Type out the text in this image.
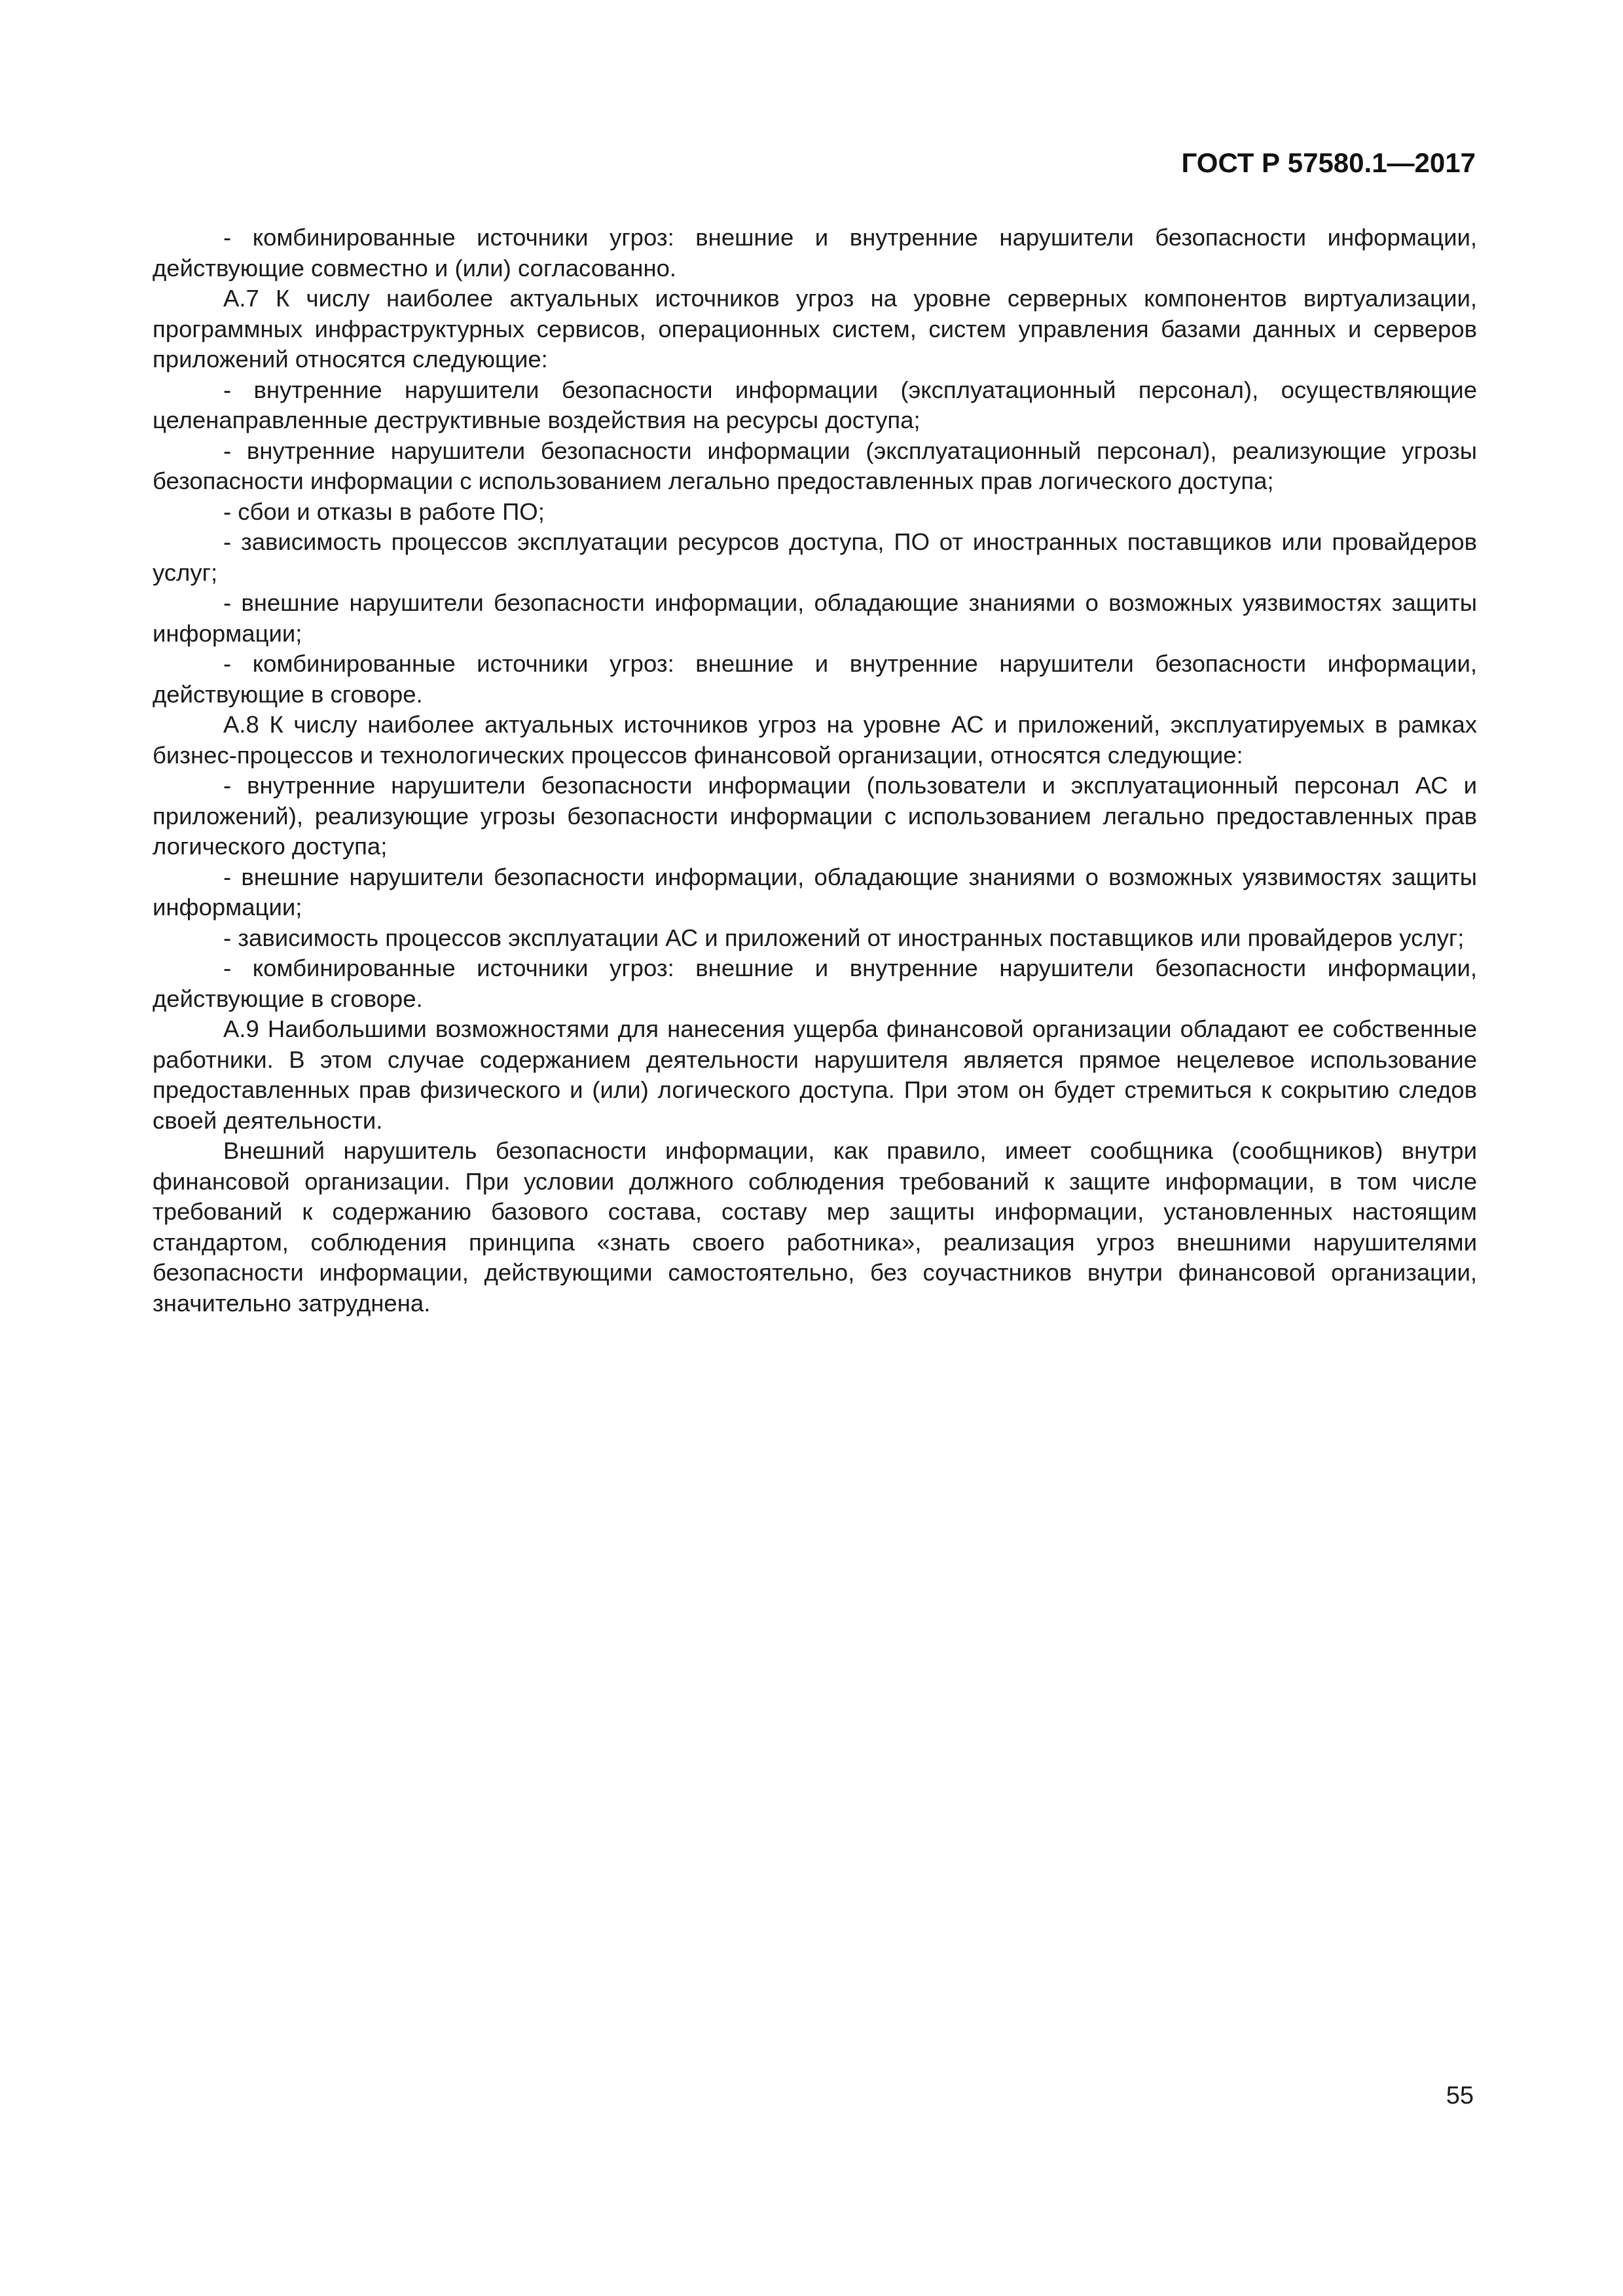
ГОСТ Р 57580.1—2017

- комбинированные источники угроз: внешние и внутренние нарушители безопасности информации, действующие совместно и (или) согласованно.

А.7 К числу наиболее актуальных источников угроз на уровне серверных компонентов виртуализации, программных инфраструктурных сервисов, операционных систем, систем управления базами данных и серверов приложений относятся следующие:

- внутренние нарушители безопасности информации (эксплуатационный персонал), осуществляющие целенаправленные деструктивные воздействия на ресурсы доступа;

- внутренние нарушители безопасности информации (эксплуатационный персонал), реализующие угрозы безопасности информации с использованием легально предоставленных прав логического доступа;

- сбои и отказы в работе ПО;

- зависимость процессов эксплуатации ресурсов доступа, ПО от иностранных поставщиков или провайдеров услуг;

- внешние нарушители безопасности информации, обладающие знаниями о возможных уязвимостях защиты информации;

- комбинированные источники угроз: внешние и внутренние нарушители безопасности информации, действующие в сговоре.

А.8 К числу наиболее актуальных источников угроз на уровне АС и приложений, эксплуатируемых в рамках бизнес-процессов и технологических процессов финансовой организации, относятся следующие:

- внутренние нарушители безопасности информации (пользователи и эксплуатационный персонал АС и приложений), реализующие угрозы безопасности информации с использованием легально предоставленных прав логического доступа;

- внешние нарушители безопасности информации, обладающие знаниями о возможных уязвимостях защиты информации;

- зависимость процессов эксплуатации АС и приложений от иностранных поставщиков или провайдеров услуг;

- комбинированные источники угроз: внешние и внутренние нарушители безопасности информации, действующие в сговоре.

А.9 Наибольшими возможностями для нанесения ущерба финансовой организации обладают ее собственные работники. В этом случае содержанием деятельности нарушителя является прямое нецелевое использование предоставленных прав физического и (или) логического доступа. При этом он будет стремиться к сокрытию следов своей деятельности.

Внешний нарушитель безопасности информации, как правило, имеет сообщника (сообщников) внутри финансовой организации. При условии должного соблюдения требований к защите информации, в том числе требований к содержанию базового состава, составу мер защиты информации, установленных настоящим стандартом, соблюдения принципа «знать своего работника», реализация угроз внешними нарушителями безопасности информации, действующими самостоятельно, без соучастников внутри финансовой организации, значительно затруднена.

55
